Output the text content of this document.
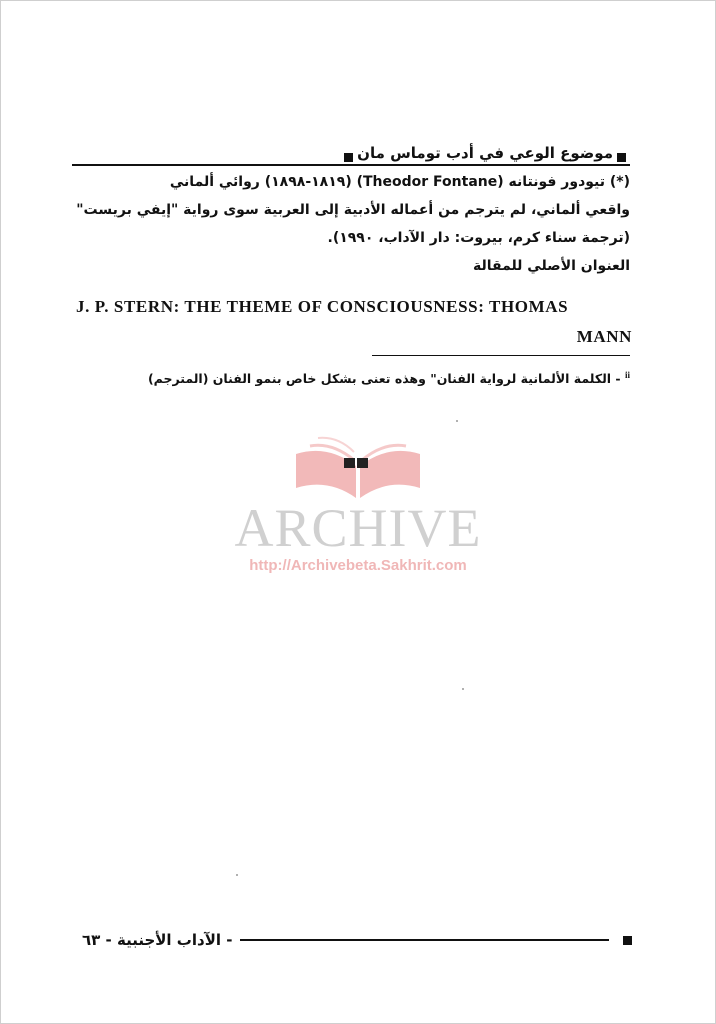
موضوع الوعي في أدب توماس مان
(*) تيودور فونتانه (Theodor Fontane) (١٨١٩-١٨٩٨) روائي ألماني
واقعي ألماني، لم يترجم من أعماله الأدبية إلى العربية سوى رواية "إيفي بريست"
(ترجمة سناء كرم، بيروت: دار الآداب، ١٩٩٠).
العنوان الأصلي للمقالة
J. P. STERN: THE THEME OF CONSCIOUSNESS: THOMAS
MANN
$^{ii}$ - الكلمة الألمانية لرواية الفنان" وهذه تعنى بشكل خاص بنمو الفنان (المترجم)
ARCHIVE
http://Archivebeta.Sakhrit.com
- الآداب الأجنبية - ٦٣
